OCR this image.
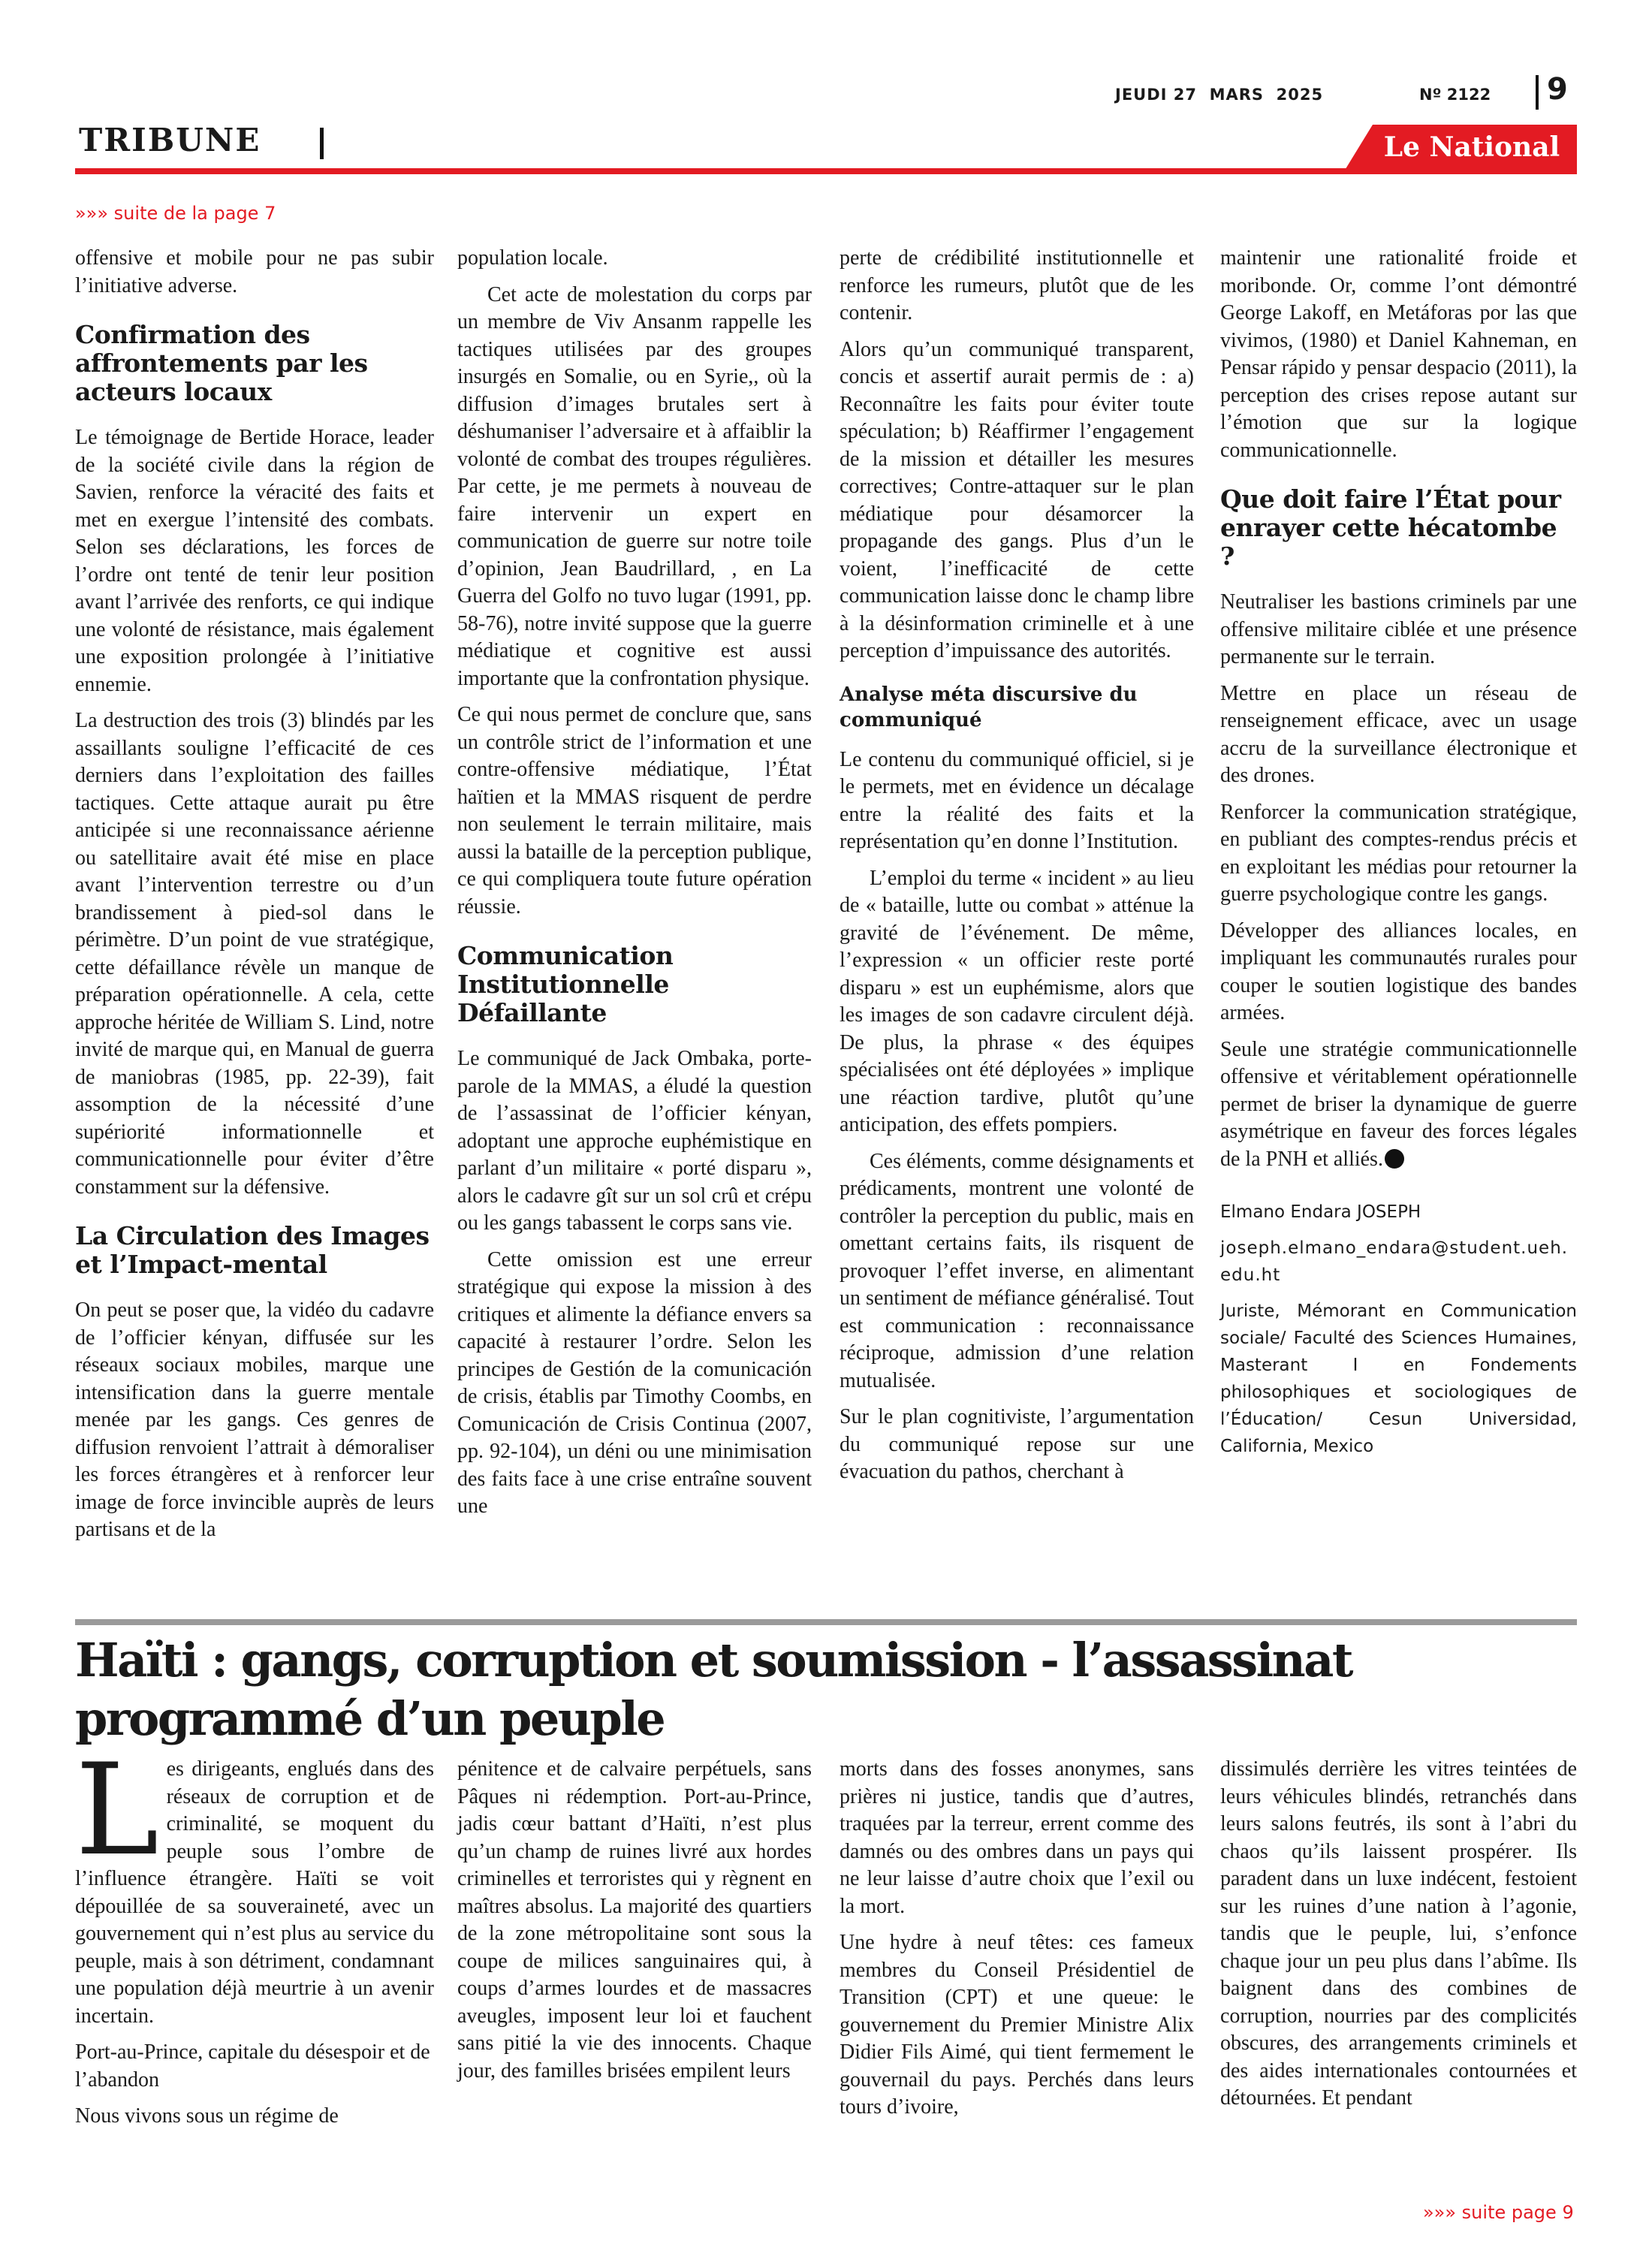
JEUDI 27  MARS  2025	Nº 2122 9
TRIBUNE	Le National
»»» suite de la page 7

offensive et mobile pour ne pas subir l’initiative adverse.

Confirmation des affrontements par les acteurs locaux

Le témoignage de Bertide Horace, leader de la société civile dans la région de Savien, renforce la véracité des faits et met en exergue l’intensité des combats. Selon ses déclarations, les forces de l’ordre ont tenté de tenir leur position avant l’arrivée des renforts, ce qui indique une volonté de résistance, mais également une exposition prolongée à l’initiative ennemie.

La destruction des trois (3) blindés par les assaillants souligne l’efficacité de ces derniers dans l’exploitation des failles tactiques. Cette attaque aurait pu être anticipée si une reconnaissance aérienne ou satellitaire avait été mise en place avant l’intervention terrestre ou d’un brandissement à pied-sol dans le périmètre. D’un point de vue stratégique, cette défaillance révèle un manque de préparation opérationnelle. A cela, cette approche héritée de William S. Lind, notre invité de marque qui, en Manual de guerra de maniobras (1985, pp. 22-39), fait assomption de la nécessité d’une supériorité informationnelle et communicationnelle pour éviter d’être constamment sur la défensive.

La Circulation des Images et l’Impact-mental

On peut se poser que, la vidéo du cadavre de l’officier kényan, diffusée sur les réseaux sociaux mobiles, marque une intensification dans la guerre mentale menée par les gangs. Ces genres de diffusion renvoient l’attrait à démoraliser les forces étrangères et à renforcer leur image de force invincible auprès de leurs partisans et de la

population locale.

Cet acte de molestation du corps par un membre de Viv Ansanm rappelle les tactiques utilisées par des groupes insurgés en Somalie, ou en Syrie,, où la diffusion d’images brutales sert à déshumaniser l’adversaire et à affaiblir la volonté de combat des troupes régulières. Par cette, je me permets à nouveau de faire intervenir un expert en communication de guerre sur notre toile d’opinion, Jean Baudrillard, , en La Guerra del Golfo no tuvo lugar (1991, pp. 58-76), notre invité suppose que la guerre médiatique et cognitive est aussi importante que la confrontation physique.

Ce qui nous permet de conclure que, sans un contrôle strict de l’information et une contre-offensive médiatique, l’État haïtien et la MMAS risquent de perdre non seulement le terrain militaire, mais aussi la bataille de la perception publique, ce qui compliquera toute future opération réussie.

Communication Institutionnelle Défaillante

Le communiqué de Jack Ombaka, porte-parole de la MMAS, a éludé la question de l’assassinat de l’officier kényan, adoptant une approche euphémistique en parlant d’un militaire « porté disparu », alors le cadavre gît sur un sol crû et crépu ou les gangs tabassent le corps sans vie.

Cette omission est une erreur stratégique qui expose la mission à des critiques et alimente la défiance envers sa capacité à restaurer l’ordre. Selon les principes de Gestión de la comunicación de crisis, établis par Timothy Coombs, en Comunicación de Crisis Continua (2007, pp. 92-104), un déni ou une minimisation des faits face à une crise entraîne souvent une

perte de crédibilité institutionnelle et renforce les rumeurs, plutôt que de les contenir.

Alors qu’un communiqué transparent, concis et assertif aurait permis de : a) Reconnaître les faits pour éviter toute spéculation; b) Réaffirmer l’engagement de la mission et détailler les mesures correctives; Contre-attaquer sur le plan médiatique pour désamorcer la propagande des gangs. Plus d’un le voient, l’inefficacité de cette communication laisse donc le champ libre à la désinformation criminelle et à une perception d’impuissance des autorités.

Analyse méta discursive du communiqué

Le contenu du communiqué officiel, si je le permets, met en évidence un décalage entre la réalité des faits et la représentation qu’en donne l’Institution.

L’emploi du terme « incident » au lieu de « bataille, lutte ou combat » atténue la gravité de l’événement. De même, l’expression « un officier reste porté disparu » est un euphémisme, alors que les images de son cadavre circulent déjà. De plus, la phrase « des équipes spécialisées ont été déployées » implique une réaction tardive, plutôt qu’une anticipation, des effets pompiers.

Ces éléments, comme désignaments et prédicaments, montrent une volonté de contrôler la perception du public, mais en omettant certains faits, ils risquent de provoquer l’effet inverse, en alimentant un sentiment de méfiance généralisé. Tout est communication : reconnaissance réciproque, admission d’une relation mutualisée.

Sur le plan cognitiviste, l’argumentation du communiqué repose sur une évacuation du pathos, cherchant à

maintenir une rationalité froide et moribonde. Or, comme l’ont démontré George Lakoff, en Metáforas por las que vivimos, (1980) et Daniel Kahneman, en Pensar rápido y pensar despacio (2011), la perception des crises repose autant sur l’émotion que sur la logique communicationnelle.

Que doit faire l’État pour enrayer cette hécatombe ?

Neutraliser les bastions criminels par une offensive militaire ciblée et une présence permanente sur le terrain.

Mettre en place un réseau de renseignement efficace, avec un usage accru de la surveillance électronique et des drones.

Renforcer la communication stratégique, en publiant des comptes-rendus précis et en exploitant les médias pour retourner la guerre psychologique contre les gangs.

Développer des alliances locales, en impliquant les communautés rurales pour couper le soutien logistique des bandes armées.

Seule une stratégie communicationnelle offensive et véritablement opérationnelle permet de briser la dynamique de guerre asymétrique en faveur des forces légales de la PNH et alliés.

Elmano Endara JOSEPH

joseph.elmano_endara@student.ueh.edu.ht

Juriste, Mémorant en Communication sociale/ Faculté des Sciences Humaines, Masterant I en Fondements philosophiques et sociologiques de l’Éducation/ Cesun Universidad, California, Mexico

Haïti : gangs, corruption et soumission - l’assassinat programmé d’un peuple

Les dirigeants, englués dans des réseaux de corruption et de criminalité, se moquent du peuple sous l’ombre de l’influence étrangère. Haïti se voit dépouillée de sa souveraineté, avec un gouvernement qui n’est plus au service du peuple, mais à son détriment, condamnant une population déjà meurtrie à un avenir incertain.

Port-au-Prince, capitale du désespoir et de l’abandon

Nous vivons sous un régime de

pénitence et de calvaire perpétuels, sans Pâques ni rédemption. Port-au-Prince, jadis cœur battant d’Haïti, n’est plus qu’un champ de ruines livré aux hordes criminelles et terroristes qui y règnent en maîtres absolus. La majorité des quartiers de la zone métropolitaine sont sous la coupe de milices sanguinaires qui, à coups d’armes lourdes et de massacres aveugles, imposent leur loi et fauchent sans pitié la vie des innocents. Chaque jour, des familles brisées empilent leurs

morts dans des fosses anonymes, sans prières ni justice, tandis que d’autres, traquées par la terreur, errent comme des damnés ou des ombres dans un pays qui ne leur laisse d’autre choix que l’exil ou la mort.

Une hydre à neuf têtes: ces fameux membres du Conseil Présidentiel de Transition (CPT) et une queue: le gouvernement du Premier Ministre Alix Didier Fils Aimé, qui tient fermement le gouvernail du pays. Perchés dans leurs tours d’ivoire,

dissimulés derrière les vitres teintées de leurs véhicules blindés, retranchés dans leurs salons feutrés, ils sont à l’abri du chaos qu’ils laissent prospérer. Ils paradent dans un luxe indécent, festoient sur les ruines d’une nation à l’agonie, tandis que le peuple, lui, s’enfonce chaque jour un peu plus dans l’abîme. Ils baignent dans des combines de corruption, nourries par des complicités obscures, des arrangements criminels et des aides internationales contournées et détournées. Et pendant

»»» suite page 9
